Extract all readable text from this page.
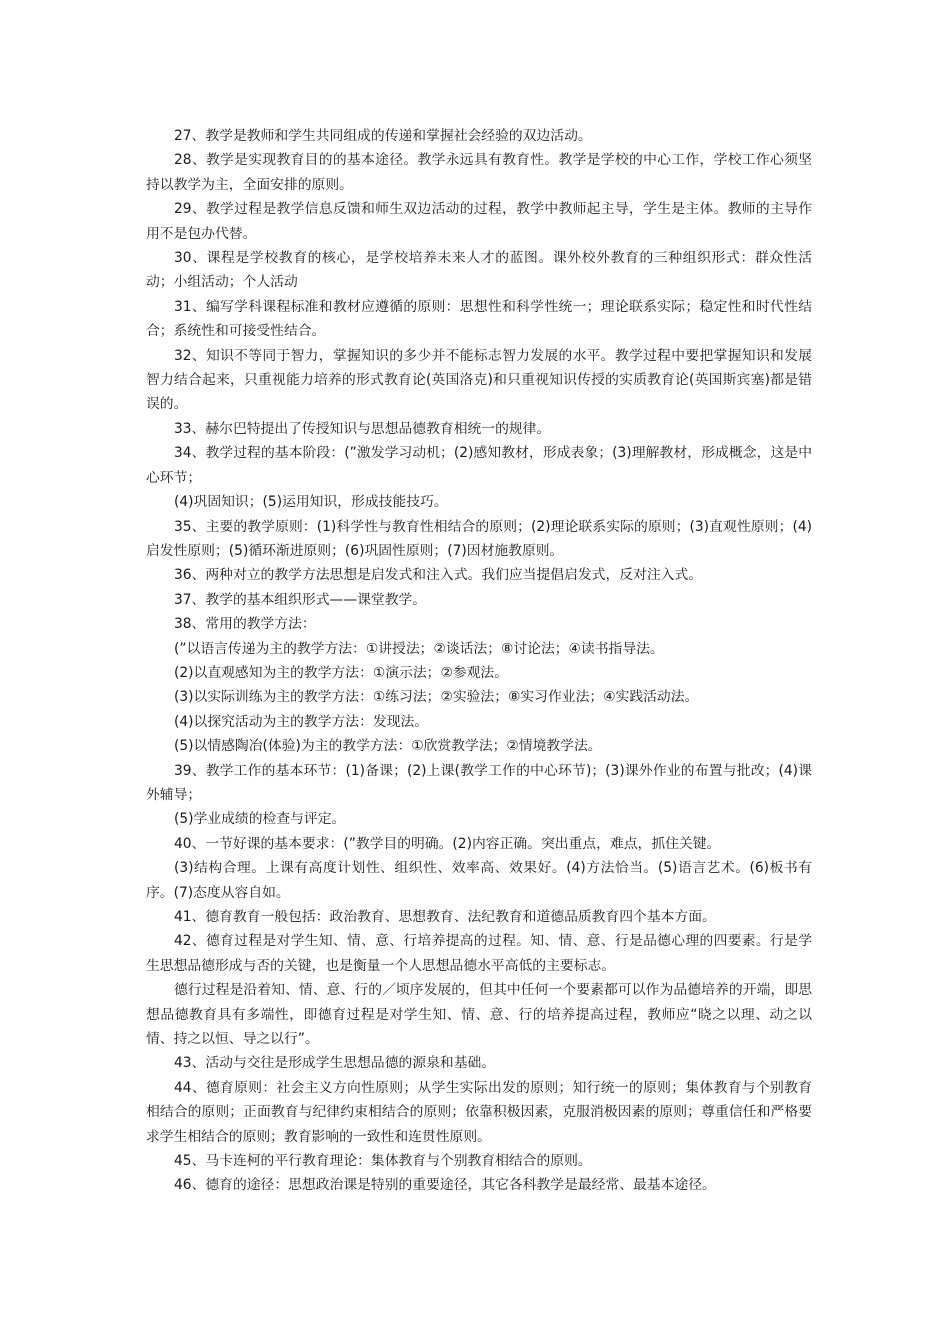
27、教学是教师和学生共同组成的传递和掌握社会经验的双边活动。

28、教学是实现教育目的的基本途径。教学永远具有教育性。教学是学校的中心工作，学校工作心须坚持以教学为主，全面安排的原则。

29、教学过程是教学信息反馈和师生双边活动的过程，教学中教师起主导，学生是主体。教师的主导作用不是包办代替。

30、课程是学校教育的核心，是学校培养未来人才的蓝图。课外校外教育的三种组织形式：群众性活动；小组活动；个人活动

31、编写学科课程标准和教材应遵循的原则：思想性和科学性统一；理论联系实际；稳定性和时代性结合；系统性和可接受性结合。

32、知识不等同于智力，掌握知识的多少并不能标志智力发展的水平。教学过程中要把掌握知识和发展智力结合起来，只重视能力培养的形式教育论(英国洛克)和只重视知识传授的实质教育论(英国斯宾塞)都是错误的。

33、赫尔巴特提出了传授知识与思想品德教育相统一的规律。

34、教学过程的基本阶段：(”激发学习动机；(2)感知教材，形成表象；(3)理解教材，形成概念，这是中心环节；

(4)巩固知识；(5)运用知识，形成技能技巧。

35、主要的教学原则：(1)科学性与教育性相结合的原则；(2)理论联系实际的原则；(3)直观性原则；(4)启发性原则；(5)循环渐进原则；(6)巩固性原则；(7)因材施教原则。

36、两种对立的教学方法思想是启发式和注入式。我们应当提倡启发式，反对注入式。

37、教学的基本组织形式——课堂教学。

38、常用的教学方法：

(”以语言传递为主的教学方法：①讲授法；②谈话法；⑧讨论法；④读书指导法。

(2)以直观感知为主的教学方法：①演示法；②参观法。

(3)以实际训练为主的教学方法：①练习法；②实验法；⑧实习作业法；④实践活动法。

(4)以探究活动为主的教学方法：发现法。

(5)以情感陶冶(体验)为主的教学方法：①欣赏教学法；②情境教学法。

39、教学工作的基本环节：(1)备课；(2)上课(教学工作的中心环节)；(3)课外作业的布置与批改；(4)课外辅导；

(5)学业成绩的检查与评定。

40、一节好课的基本要求：(”教学目的明确。(2)内容正确。突出重点，难点，抓住关键。

(3)结构合理。上课有高度计划性、组织性、效率高、效果好。(4)方法恰当。(5)语言艺术。(6)板书有序。(7)态度从容自如。

41、德育教育一般包括：政治教育、思想教育、法纪教育和道德品质教育四个基本方面。

42、德育过程是对学生知、情、意、行培养提高的过程。知、情、意、行是品德心理的四要素。行是学生思想品德形成与否的关键，也是衡量一个人思想品德水平高低的主要标志。

德行过程是沿着知、情、意、行的／顷序发展的，但其中任何一个要素都可以作为品德培养的开端，即思想品德教育具有多端性，即德育过程是对学生知、情、意、行的培养提高过程，教师应“晓之以理、动之以情、持之以恒、导之以行”。

43、活动与交往是形成学生思想品德的源泉和基础。

44、德育原则：社会主义方向性原则；从学生实际出发的原则；知行统一的原则；集体教育与个别教育相结合的原则；正面教育与纪律约束相结合的原则；依靠积极因素，克服消极因素的原则；尊重信任和严格要求学生相结合的原则；教育影响的一致性和连贯性原则。

45、马卡连柯的平行教育理论：集体教育与个别教育相结合的原则。

46、德育的途径：思想政治课是特别的重要途径，其它各科教学是最经常、最基本途径。
